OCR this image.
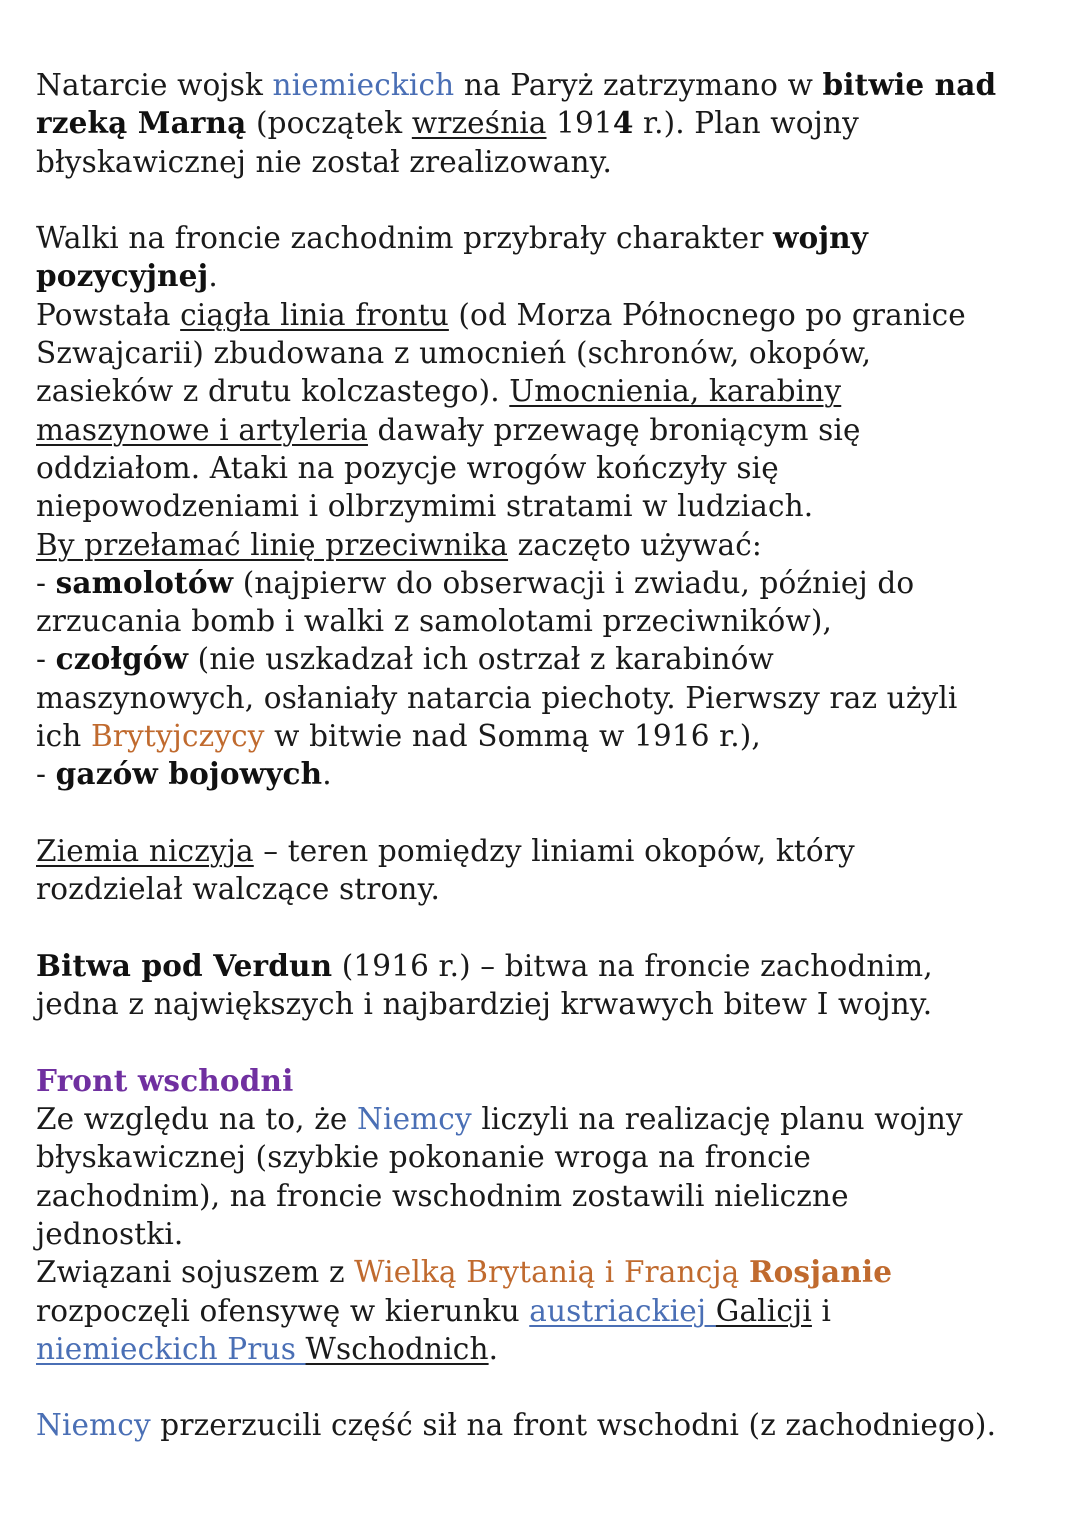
Natarcie wojsk niemieckich na Paryż zatrzymano w bitwie nad
rzeką Marną (początek września 1914 r.). Plan wojny
błyskawicznej nie został zrealizowany.
Walki na froncie zachodnim przybrały charakter wojny
pozycyjnej.
Powstała ciągła linia frontu (od Morza Północnego po granice
Szwajcarii) zbudowana z umocnień (schronów, okopów,
zasieków z drutu kolczastego). Umocnienia, karabiny
maszynowe i artyleria dawały przewagę broniącym się
oddziałom. Ataki na pozycje wrogów kończyły się
niepowodzeniami i olbrzymimi stratami w ludziach.
By przełamać linię przeciwnika zaczęto używać:
- samolotów (najpierw do obserwacji i zwiadu, później do
zrzucania bomb i walki z samolotami przeciwników),
- czołgów (nie uszkadzał ich ostrzał z karabinów
maszynowych, osłaniały natarcia piechoty. Pierwszy raz użyli
ich Brytyjczycy w bitwie nad Sommą w 1916 r.),
- gazów bojowych.
Ziemia niczyja – teren pomiędzy liniami okopów, który
rozdzielał walczące strony.
Bitwa pod Verdun (1916 r.) – bitwa na froncie zachodnim,
jedna z największych i najbardziej krwawych bitew I wojny.
Front wschodni
Ze względu na to, że Niemcy liczyli na realizację planu wojny
błyskawicznej (szybkie pokonanie wroga na froncie
zachodnim), na froncie wschodnim zostawili nieliczne
jednostki.
Związani sojuszem z Wielką Brytanią i Francją Rosjanie
rozpoczęli ofensywę w kierunku austriackiej Galicji i
niemieckich Prus Wschodnich.
Niemcy przerzucili część sił na front wschodni (z zachodniego).
